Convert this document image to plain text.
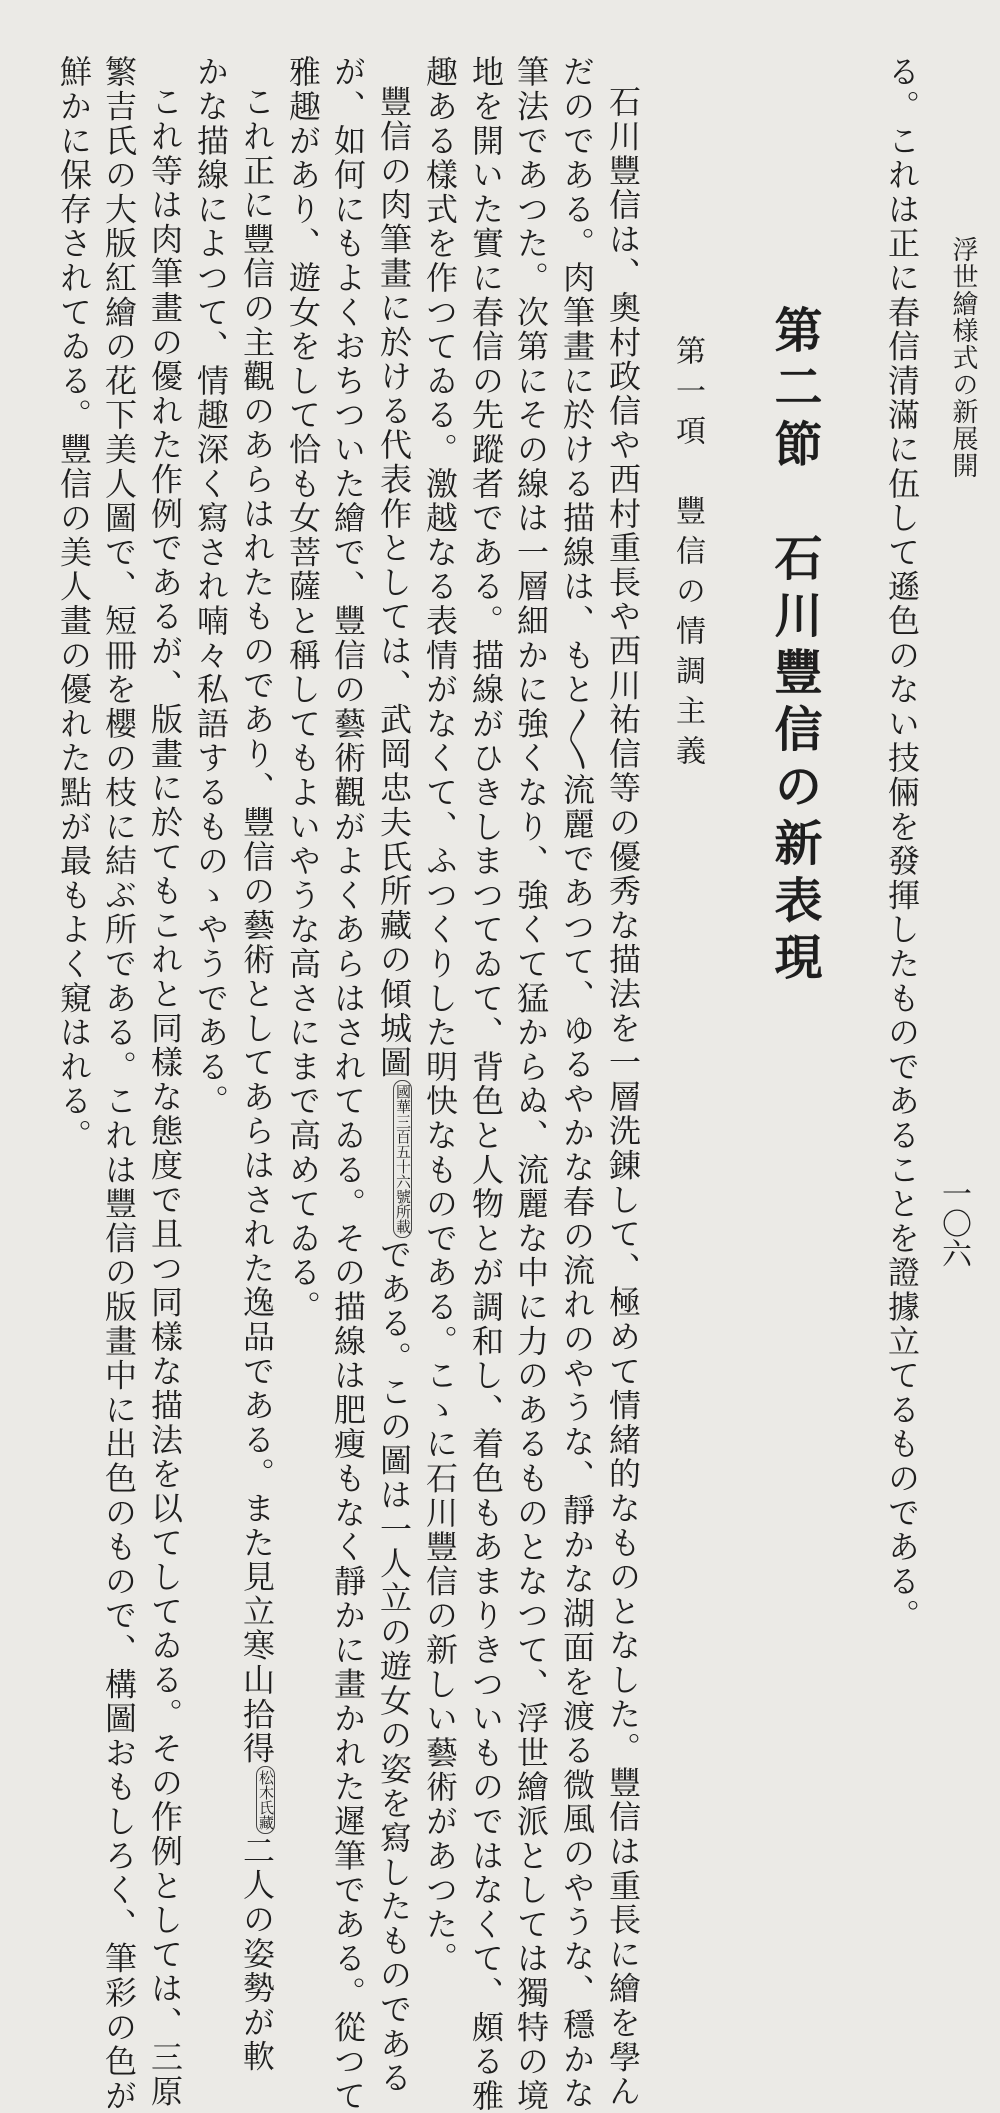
浮世繪様式の新展開
一〇六
る。これは正に春信清滿に伍して遜色のない技倆を發揮したものであることを證據立てるものである。
第二節　石川豐信の新表現
第一項　豐信の情調主義
石川豐信は、奧村政信や西村重長や西川祐信等の優秀な描法を一層洗錬して、極めて情緒的なものとなした。豐信は重長に繪を學ん
だのである。肉筆畫に於ける描線は、もと〳〵流麗であつて、ゆるやかな春の流れのやうな、靜かな湖面を渡る微風のやうな、穩かな
筆法であつた。次第にその線は一層細かに強くなり、強くて猛からぬ、流麗な中に力のあるものとなつて、浮世繪派としては獨特の境
地を開いた實に春信の先蹤者である。描線がひきしまつてゐて、背色と人物とが調和し、着色もあまりきついものではなくて、頗る雅
趣ある樣式を作つてゐる。激越なる表情がなくて、ふつくりした明快なものである。こゝに石川豐信の新しい藝術があつた。
豐信の肉筆畫に於ける代表作としては、武岡忠夫氏所藏の傾城圖國華三百五十六號所載である。この圖は一人立の遊女の姿を寫したものである
が、如何にもよくおちついた繪で、豐信の藝術觀がよくあらはされてゐる。その描線は肥瘦もなく靜かに畫かれた遲筆である。從つて
雅趣があり、遊女をして恰も女菩薩と稱してもよいやうな高さにまで高めてゐる。
これ正に豐信の主觀のあらはれたものであり、豐信の藝術としてあらはされた逸品である。また見立寒山拾得松木氏藏二人の姿勢が軟
かな描線によつて、情趣深く寫され喃々私語するものゝやうである。
これ等は肉筆畫の優れた作例であるが、版畫に於てもこれと同樣な態度で且つ同樣な描法を以てしてゐる。その作例としては、三原
繁吉氏の大版紅繪の花下美人圖で、短冊を櫻の枝に結ぶ所である。これは豐信の版畫中に出色のもので、構圖おもしろく、筆彩の色が
鮮かに保存されてゐる。豐信の美人畫の優れた點が最もよく窺はれる。
